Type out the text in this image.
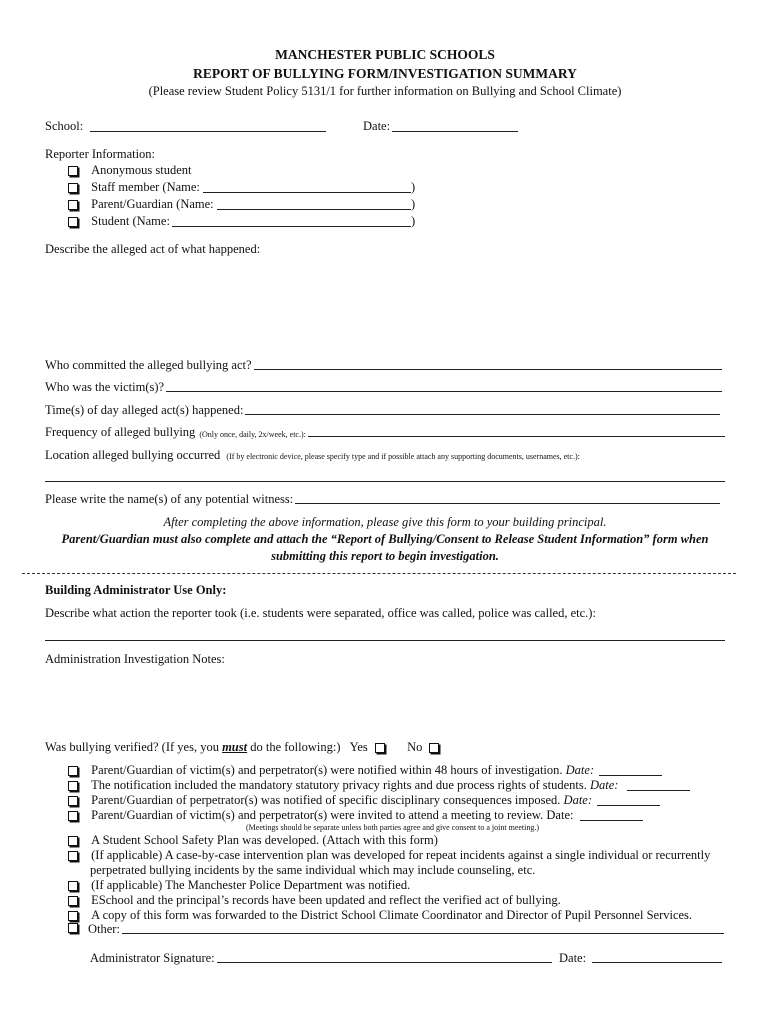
MANCHESTER PUBLIC SCHOOLS
REPORT OF BULLYING FORM/INVESTIGATION SUMMARY
(Please review Student Policy 5131/1 for further information on Bullying and School Climate)
School:	Date:
Reporter Information:
Anonymous student
Staff member (Name:	)
Parent/Guardian (Name:	)
Student (Name:	)
Describe the alleged act of what happened:
Who committed the alleged bullying act?
Who was the victim(s)?
Time(s) of day alleged act(s) happened:
Frequency of alleged bullying (Only once, daily, 2x/week, etc.):
Location alleged bullying occurred (If by electronic device, please specify type and if possible attach any supporting documents, usernames, etc.):
Please write the name(s) of any potential witness:
After completing the above information, please give this form to your building principal.
Parent/Guardian must also complete and attach the “Report of Bullying/Consent to Release Student Information” form when
submitting this report to begin investigation.
Building Administrator Use Only:
Describe what action the reporter took (i.e. students were separated, office was called, police was called, etc.):
Administration Investigation Notes:
Was bullying verified? (If yes, you must do the following:) Yes	No
Parent/Guardian of victim(s) and perpetrator(s) were notified within 48 hours of investigation. Date:
The notification included the mandatory statutory privacy rights and due process rights of students. Date:
Parent/Guardian of perpetrator(s) was notified of specific disciplinary consequences imposed. Date:
Parent/Guardian of victim(s) and perpetrator(s) were invited to attend a meeting to review. Date:
(Meetings should be separate unless both parties agree and give consent to a joint meeting.)
A Student School Safety Plan was developed. (Attach with this form)
(If applicable) A case-by-case intervention plan was developed for repeat incidents against a single individual or recurrently
perpetrated bullying incidents by the same individual which may include counseling, etc.
(If applicable) The Manchester Police Department was notified.
ESchool and the principal’s records have been updated and reflect the verified act of bullying.
A copy of this form was forwarded to the District School Climate Coordinator and Director of Pupil Personnel Services.
Other:
Administrator Signature:	Date:
